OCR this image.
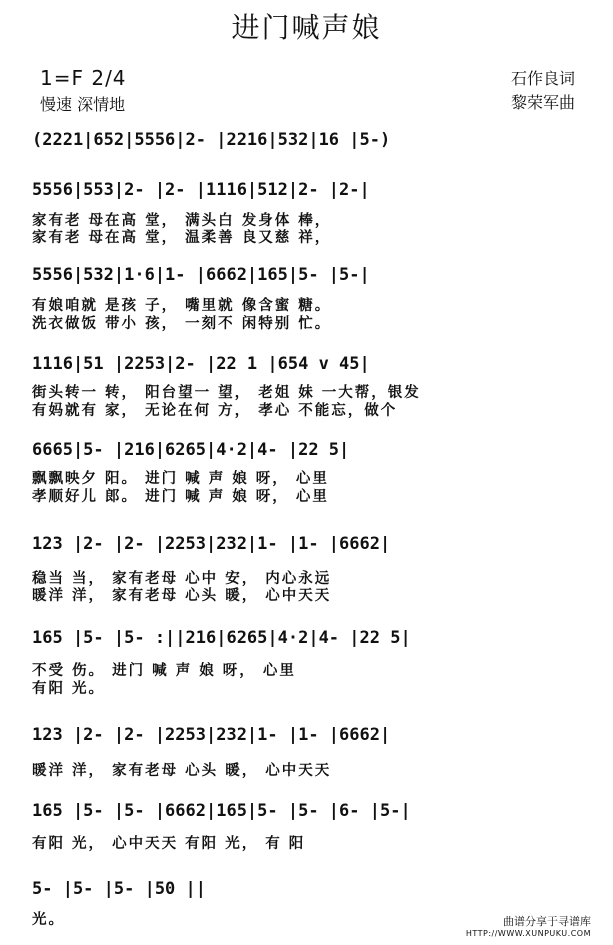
进门喊声娘
1=F 2/4
慢速 深情地
石作良词
黎荣军曲
(2221|652|5556|2- |2216|532|16 |5-)
5556|553|2- |2- |1116|512|2- |2-|
家有老 母在高 堂， 满头白 发身体 棒，
家有老 母在高 堂， 温柔善 良又慈 祥，
5556|532|1·6|1- |6662|165|5- |5-|
有娘咱就 是孩 子， 嘴里就 像含蜜 糖。
洗衣做饭 带小 孩， 一刻不 闲特别 忙。
1116|51 |2253|2- |22 1 |654 v 45|
街头转一 转， 阳台望一 望， 老姐 妹 一大帮，银发
有妈就有 家， 无论在何 方， 孝心 不能忘，做个
6665|5- |216|6265|4·2|4- |22 5|
飘飘映夕 阳。 进门 喊 声 娘 呀， 心里
孝顺好儿 郎。 进门 喊 声 娘 呀， 心里
123 |2- |2- |2253|232|1- |1- |6662|
稳当 当， 家有老母 心中 安， 内心永远
暖洋 洋， 家有老母 心头 暖， 心中天天
165 |5- |5- :||216|6265|4·2|4- |22 5|
不受 伤。 进门 喊 声 娘 呀， 心里
有阳 光。
123 |2- |2- |2253|232|1- |1- |6662|
暖洋 洋， 家有老母 心头 暖， 心中天天
165 |5- |5- |6662|165|5- |5- |6- |5-|
有阳 光， 心中天天 有阳 光， 有 阳
5- |5- |5- |50 ||
光。	曲谱分享于寻谱库
HTTP://WWW.XUNPUKU.COM
